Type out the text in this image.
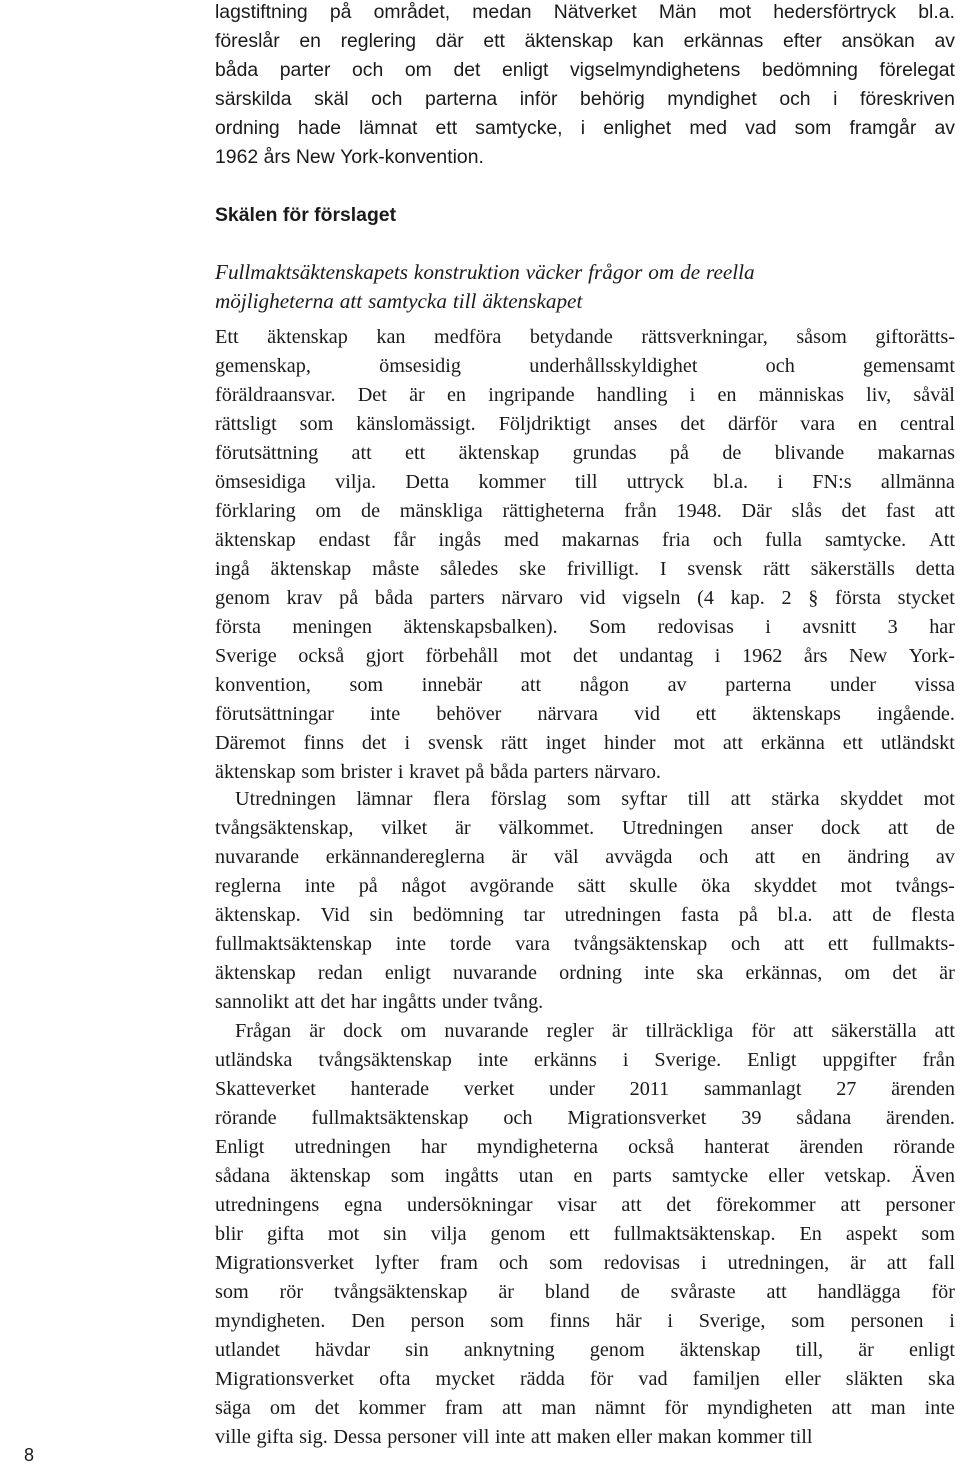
lagstiftning på området, medan Nätverket Män mot hedersförtryck bl.a.
föreslår en reglering där ett äktenskap kan erkännas efter ansökan av
båda parter och om det enligt vigselmyndighetens bedömning förelegat
särskilda skäl och parterna inför behörig myndighet och i föreskriven
ordning hade lämnat ett samtycke, i enlighet med vad som framgår av
1962 års New York-konvention.
Skälen för förslaget
Fullmaktsäktenskapets konstruktion väcker frågor om de reella
möjligheterna att samtycka till äktenskapet
Ett äktenskap kan medföra betydande rättsverkningar, såsom giftorätts-
gemenskap,	ömsesidig	underhållsskyldighet	och	gemensamt
föräldraansvar. Det är en ingripande handling i en människas liv, såväl
rättsligt som känslomässigt. Följdriktigt anses det därför vara en central
förutsättning att ett äktenskap grundas på de blivande makarnas
ömsesidiga vilja. Detta kommer till uttryck bl.a. i FN:s allmänna
förklaring om de mänskliga rättigheterna från 1948. Där slås det fast att
äktenskap endast får ingås med makarnas fria och fulla samtycke. Att
ingå äktenskap måste således ske frivilligt. I svensk rätt säkerställs detta
genom krav på båda parters närvaro vid vigseln (4 kap. 2 § första stycket
första meningen äktenskapsbalken). Som redovisas i avsnitt 3 har
Sverige också gjort förbehåll mot det undantag i 1962 års New York-
konvention, som innebär att någon av parterna under vissa
förutsättningar inte behöver närvara vid ett äktenskaps ingående.
Däremot finns det i svensk rätt inget hinder mot att erkänna ett utländskt
äktenskap som brister i kravet på båda parters närvaro.
Utredningen lämnar flera förslag som syftar till att stärka skyddet mot
tvångsäktenskap, vilket är välkommet. Utredningen anser dock att de
nuvarande erkännandereglerna är väl avvägda och att en ändring av
reglerna inte på något avgörande sätt skulle öka skyddet mot tvångs-
äktenskap. Vid sin bedömning tar utredningen fasta på bl.a. att de flesta
fullmaktsäktenskap inte torde vara tvångsäktenskap och att ett fullmakts-
äktenskap redan enligt nuvarande ordning inte ska erkännas, om det är
sannolikt att det har ingåtts under tvång.
Frågan är dock om nuvarande regler är tillräckliga för att säkerställa att
utländska tvångsäktenskap inte erkänns i Sverige. Enligt uppgifter från
Skatteverket hanterade verket under 2011 sammanlagt 27 ärenden
rörande fullmaktsäktenskap och Migrationsverket 39 sådana ärenden.
Enligt utredningen har myndigheterna också hanterat ärenden rörande
sådana äktenskap som ingåtts utan en parts samtycke eller vetskap. Även
utredningens egna undersökningar visar att det förekommer att personer
blir gifta mot sin vilja genom ett fullmaktsäktenskap. En aspekt som
Migrationsverket lyfter fram och som redovisas i utredningen, är att fall
som rör tvångsäktenskap är bland de svåraste att handlägga för
myndigheten. Den person som finns här i Sverige, som personen i
utlandet hävdar sin anknytning genom äktenskap till, är enligt
Migrationsverket ofta mycket rädda för vad familjen eller släkten ska
säga om det kommer fram att man nämnt för myndigheten att man inte
ville gifta sig. Dessa personer vill inte att maken eller makan kommer till
8
